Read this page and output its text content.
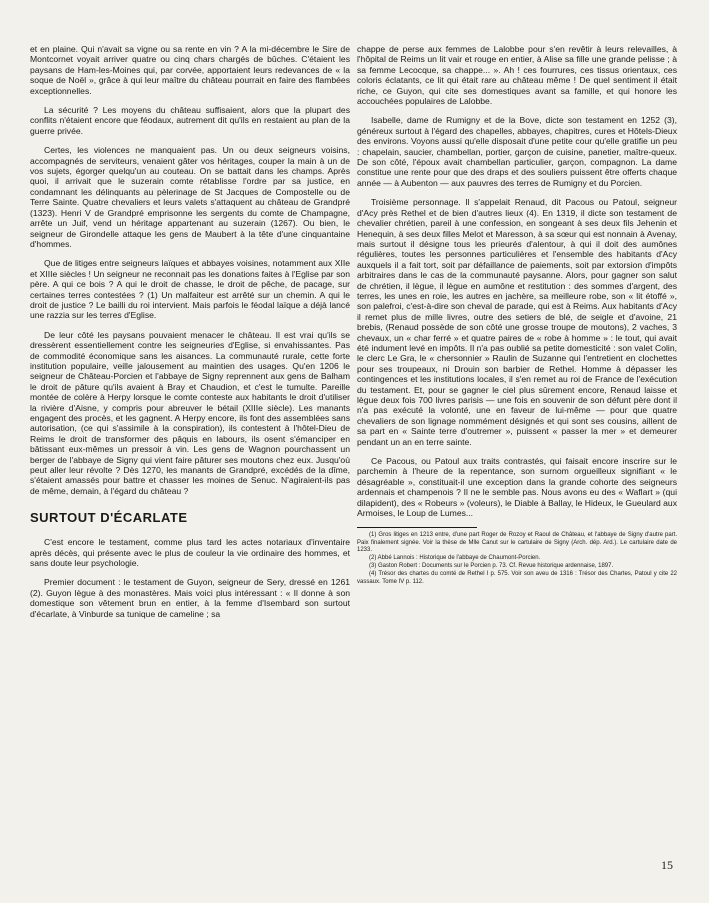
et en plaine. Qui n'avait sa vigne ou sa rente en vin ? A la mi-décembre le Sire de Montcornet voyait arriver quatre ou cinq chars chargés de bûches. C'étaient les paysans de Ham-les-Moines qui, par corvée, apportaient leurs redevances de « la soque de Noël », grâce à qui leur maître du château pourrait en faire des flambées exceptionnelles.

La sécurité ? Les moyens du château suffisaient, alors que la plupart des conflits n'étaient encore que féodaux, autrement dit qu'ils en restaient au plan de la guerre privée.

Certes, les violences ne manquaient pas. Un ou deux seigneurs voisins, accompagnés de serviteurs, venaient gâter vos héritages, couper la main à un de vos sujets, égorger quelqu'un au couteau. On se battait dans les champs. Après quoi, il arrivait que le suzerain comte rétablisse l'ordre par sa justice, en condamnant les délinquants au pèlerinage de St Jacques de Compostelle ou de Terre Sainte. Quatre chevaliers et leurs valets s'attaquent au château de Grandpré (1323). Henri V de Grandpré emprisonne les sergents du comte de Champagne, arrête un Juif, vend un héritage appartenant au suzerain (1267). Ou bien, le seigneur de Girondelle attaque les gens de Maubert à la tête d'une cinquantaine d'hommes.

Que de litiges entre seigneurs laïques et abbayes voisines, notamment aux XIIe et XIIIe siècles ! Un seigneur ne reconnait pas les donations faites à l'Eglise par son père. A qui ce bois ? A qui le droit de chasse, le droit de pêche, de pacage, sur certaines terres contestées ? (1) Un malfaiteur est arrêté sur un chemin. A qui le droit de justice ? Le bailli du roi intervient. Mais parfois le féodal laïque a déjà lancé une razzia sur les terres d'Eglise.

De leur côté les paysans pouvaient menacer le château. Il est vrai qu'ils se dressèrent essentiellement contre les seigneuries d'Eglise, si envahissantes. Pas de commodité économique sans les aisances. La communauté rurale, cette forte institution populaire, veille jalousement au maintien des usages. Qu'en 1206 le seigneur de Château-Porcien et l'abbaye de Signy reprennent aux gens de Balham le droit de pâture qu'ils avaient à Bray et Chaudion, et c'est le tumulte. Pareille montée de colère à Herpy lorsque le comte conteste aux habitants le droit d'utiliser la rivière d'Aisne, y compris pour abreuver le bétail (XIIIe siècle). Les manants engagent des procès, et les gagnent. A Herpy encore, ils font des assemblées sans autorisation, (ce qui s'assimile à la conspiration), ils contestent à l'hôtel-Dieu de Reims le droit de transformer des pâquis en labours, ils osent s'émanciper en bâtissant eux-mêmes un pressoir à vin. Les gens de Wagnon pourchassent un berger de l'abbaye de Signy qui vient faire pâturer ses moutons chez eux. Jusqu'où peut aller leur révolte ? Dès 1270, les manants de Grandpré, excédés de la dîme, s'étaient amassés pour battre et chasser les moines de Senuc. N'agiraient-ils pas de même, demain, à l'égard du château ?

SURTOUT D'ÉCARLATE

C'est encore le testament, comme plus tard les actes notariaux d'inventaire après décès, qui présente avec le plus de couleur la vie ordinaire des hommes, et sans doute leur psychologie.

Premier document : le testament de Guyon, seigneur de Sery, dressé en 1261 (2). Guyon lègue à des monastères. Mais voici plus intéressant : « Il donne à son domestique son vêtement brun en entier, à la femme d'Isembard son surtout d'écarlate, à Vinburde sa tunique de cameline ; sa

chappe de perse aux femmes de Lalobbe pour s'en revêtir à leurs relevailles, à l'hôpital de Reims un lit vair et rouge en entier, à Alise sa fille une grande pelisse ; à sa femme Lecocque, sa chappe... ». Ah ! ces fourrures, ces tissus orientaux, ces coloris éclatants, ce lit qui était rare au château même ! De quel sentiment il était riche, ce Guyon, qui cite ses domestiques avant sa famille, et qui honore les accouchées populaires de Lalobbe.

Isabelle, dame de Rumigny et de la Bove, dicte son testament en 1252 (3), généreux surtout à l'égard des chapelles, abbayes, chapitres, cures et Hôtels-Dieux des environs. Voyons aussi qu'elle disposait d'une petite cour qu'elle gratifie un peu : chapelain, saucier, chambellan, portier, garçon de cuisine, panetier, maître-queux. De son côté, l'époux avait chambellan particulier, garçon, compagnon. La dame constitue une rente pour que des draps et des souliers puissent être offerts chaque année — à Aubenton — aux pauvres des terres de Rumigny et du Porcien.

Troisième personnage. Il s'appelait Renaud, dit Pacous ou Patoul, seigneur d'Acy près Rethel et de bien d'autres lieux (4). En 1319, il dicte son testament de chevalier chrétien, pareil à une confession, en songeant à ses deux fils Jehenin et Henequin, à ses deux filles Melot et Maresson, à sa sœur qui est nonnain à Avenay, mais surtout il désigne tous les prieurés d'alentour, à qui il doit des aumônes régulières, toutes les personnes particulières et l'ensemble des habitants d'Acy auxquels il a fait tort, soit par défaillance de paiements, soit par extorsion d'impôts arbitraires dans le cas de la communauté paysanne. Alors, pour gagner son salut de chrétien, il lègue, il lègue en aumône et restitution : des sommes d'argent, des terres, les unes en roie, les autres en jachère, sa meilleure robe, son « lit étoffé », son palefroi, c'est-à-dire son cheval de parade, qui est à Reims. Aux habitants d'Acy il remet plus de mille livres, outre des setiers de blé, de seigle et d'avoine, 21 brebis, (Renaud possède de son côté une grosse troupe de moutons), 2 vaches, 3 chevaux, un « char ferré » et quatre paires de « robe à homme » : le tout, qui avait été indument levé en impôts. Il n'a pas oublié sa petite domesticité : son valet Colin, le clerc Le Gra, le « chersonnier » Raulin de Suzanne qui l'entretient en clochettes pour ses troupeaux, ni Drouin son barbier de Rethel. Homme à dépasser les contingences et les institutions locales, il s'en remet au roi de France de l'exécution du testament. Et, pour se gagner le ciel plus sûrement encore, Renaud laisse et lègue deux fois 700 livres parisis — une fois en souvenir de son défunt père dont il n'a pas exécuté la volonté, une en faveur de lui-même — pour que quatre chevaliers de son lignage nommément désignés et qui sont ses cousins, aillent de sa part en « Sainte terre d'outremer », puissent « passer la mer » et demeurer pendant un an en terre sainte.

Ce Pacous, ou Patoul aux traits contrastés, qui faisait encore inscrire sur le parchemin à l'heure de la repentance, son surnom orgueilleux signifiant « le désagréable », constituait-il une exception dans la grande cohorte des seigneurs ardennais et champenois ? Il ne le semble pas. Nous avons eu des « Waflart » (qui dilapident), des « Robeurs » (voleurs), le Diable à Ballay, le Hideux, le Gueulard aux Armoises, le Loup de Lumes...

(1) Gros litiges en 1213 entre, d'une part Roger de Rozoy et Raoul de Château, et l'abbaye de Signy d'autre part. Paix finalement signée. Voir la thèse de Mlle Canut sur le cartulaire de Signy (Arch. dép. Ard.). Le cartulaire date de 1233.

(2) Abbé Lannois : Historique de l'abbaye de Chaumont-Porcien.

(3) Gaston Robert : Documents sur le Porcien p. 73. Cf. Revue historique ardennaise, 1897.

(4) Trésor des chartes du comté de Rethel I p. 575. Voir son aveu de 1316 : Trésor des Chartes, Patoul y cite 22 vassaux. Tome IV p. 112.

15
